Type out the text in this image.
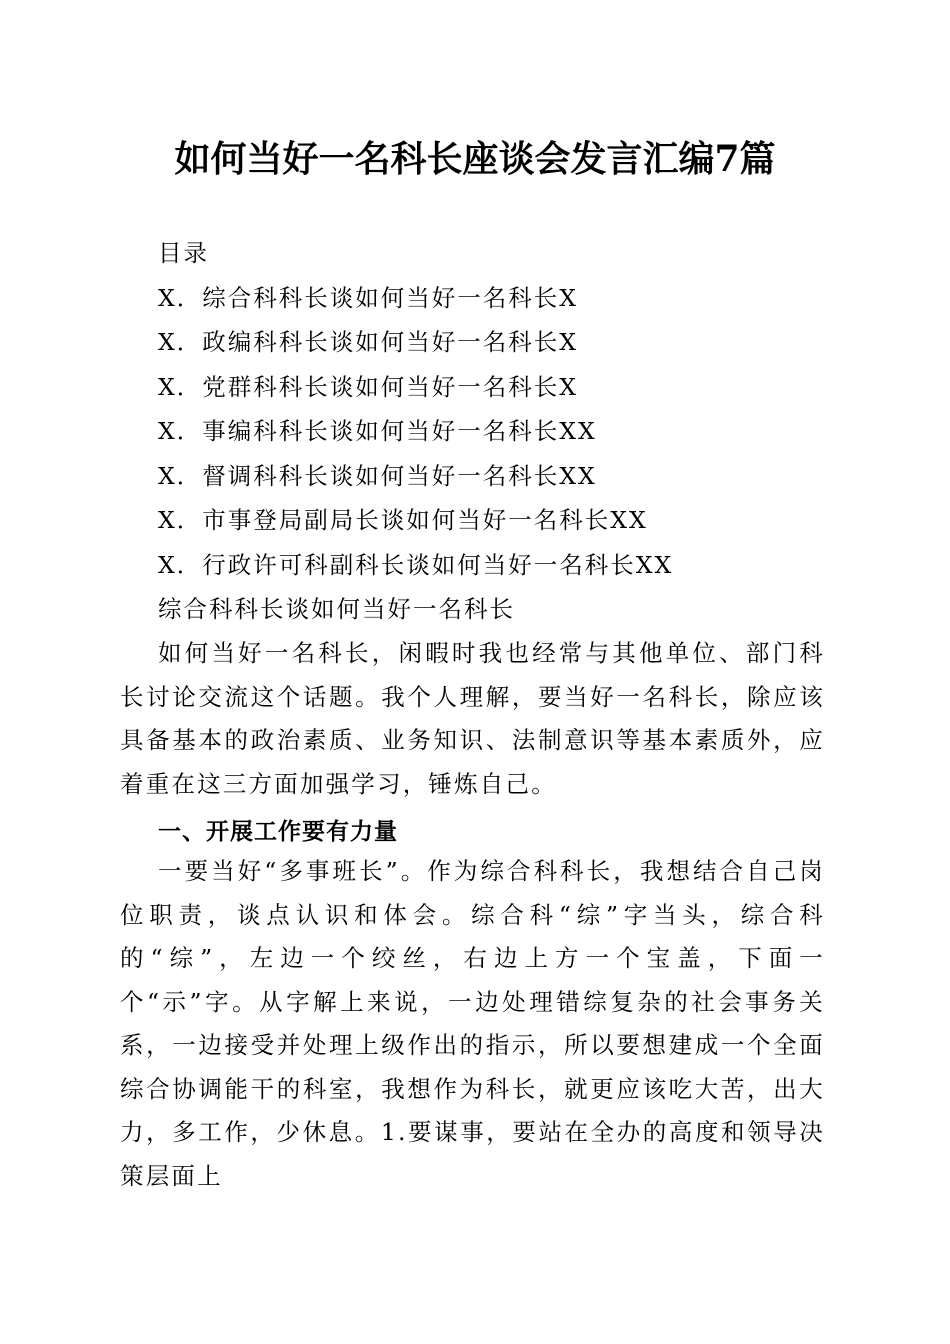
如何当好一名科长座谈会发言汇编7篇
目录
X．综合科科长谈如何当好一名科长X
X．政编科科长谈如何当好一名科长X
X．党群科科长谈如何当好一名科长X
X．事编科科长谈如何当好一名科长XX
X．督调科科长谈如何当好一名科长XX
X．市事登局副局长谈如何当好一名科长XX
X．行政许可科副科长谈如何当好一名科长XX
综合科科长谈如何当好一名科长
如何当好一名科长，闲暇时我也经常与其他单位、部门科长讨论交流这个话题。我个人理解，要当好一名科长，除应该具备基本的政治素质、业务知识、法制意识等基本素质外，应着重在这三方面加强学习，锤炼自己。
一、开展工作要有力量
一要当好“多事班长”。作为综合科科长，我想结合自己岗位职责，谈点认识和体会。综合科“综”字当头，综合科的“综”，左边一个绞丝，右边上方一个宝盖，下面一个“示”字。从字解上来说，一边处理错综复杂的社会事务关系，一边接受并处理上级作出的指示，所以要想建成一个全面综合协调能干的科室，我想作为科长，就更应该吃大苦，出大力，多工作，少休息。1.要谋事，要站在全办的高度和领导决策层面上
